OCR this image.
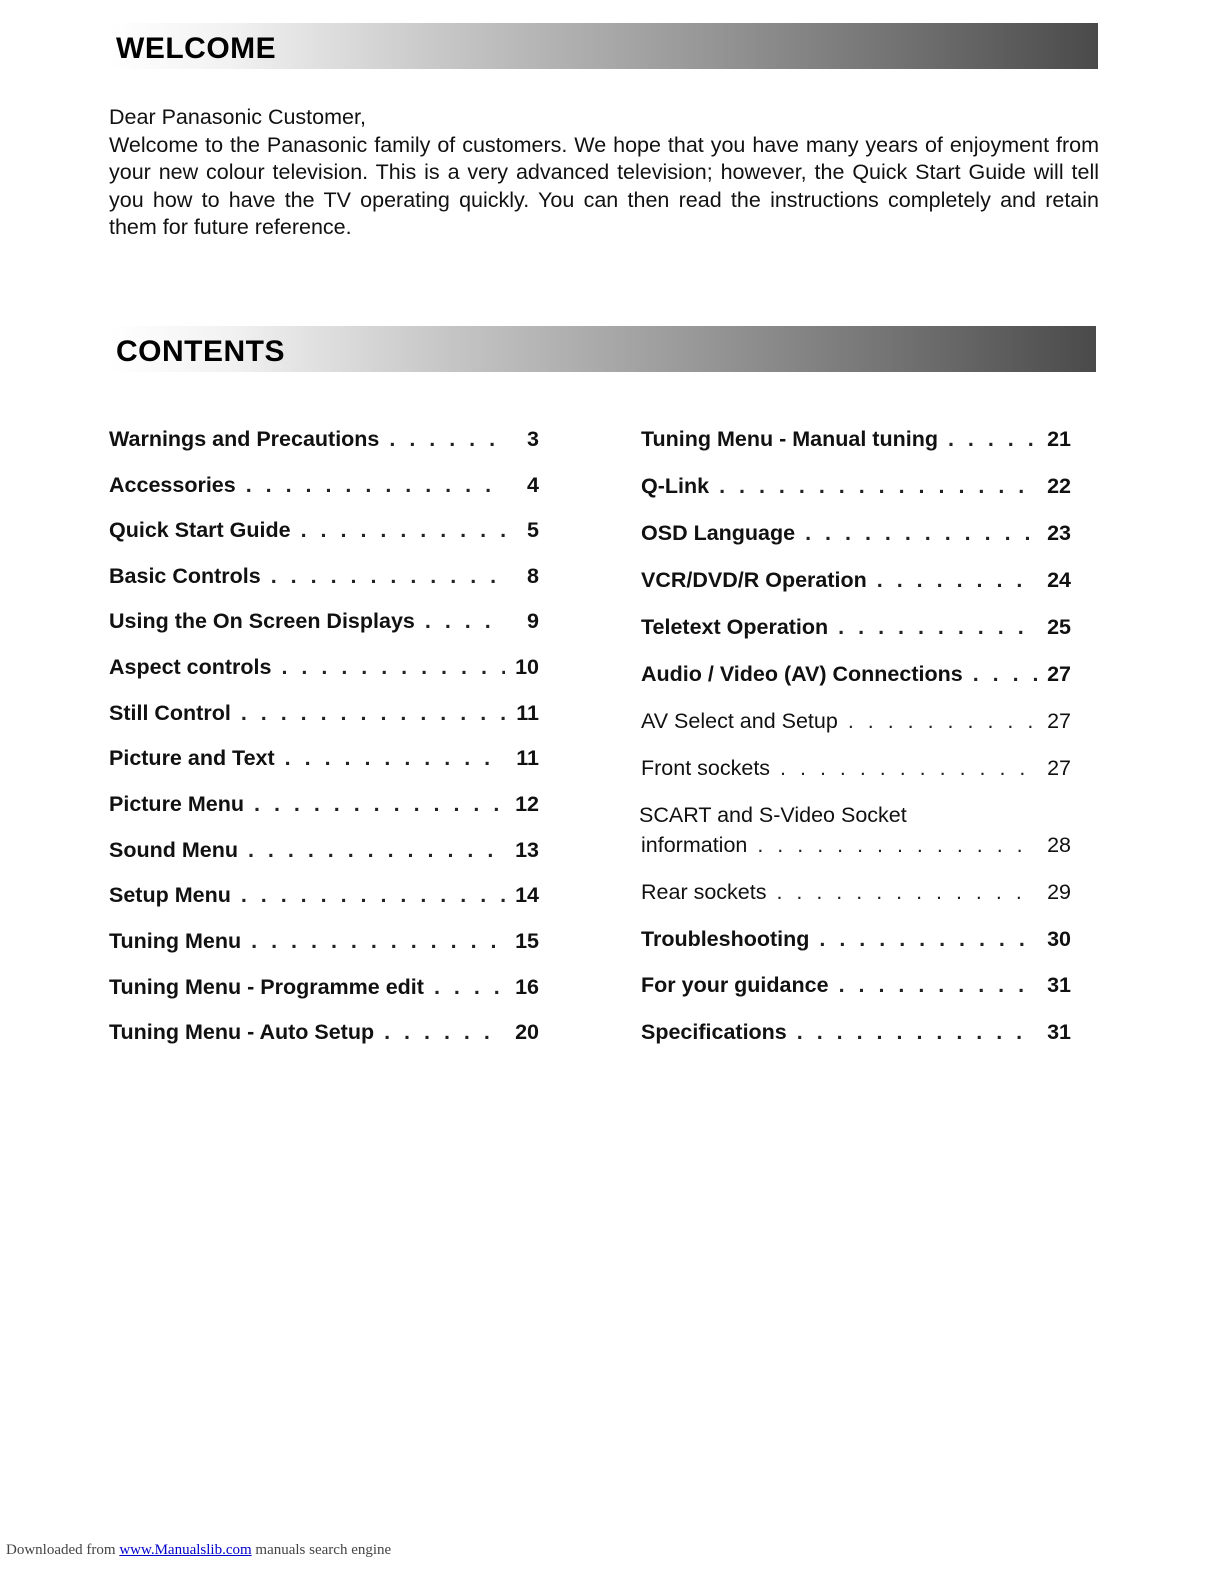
WELCOME

Dear Panasonic Customer,

Welcome to the Panasonic family of customers. We hope that you have many years of enjoyment from your new colour television. This is a very advanced television; however, the Quick Start Guide will tell you how to have the TV operating quickly. You can then read the instructions completely and retain them for future reference.

CONTENTS
Warnings and Precautions . . .	3
Accessories . . .	4
Quick Start Guide . . .	5
Basic Controls . . .	8
Using the On Screen Displays . . .	9
Aspect controls . . .	10
Still Control . . .	11
Picture and Text . . .	11
Picture Menu . . .	12
Sound Menu . . .	13
Setup Menu . . .	14
Tuning Menu . . .	15
Tuning Menu - Programme edit . . .	16
Tuning Menu - Auto Setup . . .	20
Tuning Menu - Manual tuning . . .	21
Q-Link . . .	22
OSD Language . . .	23
VCR/DVD/R Operation . . .	24
Teletext Operation . . .	25
Audio / Video (AV) Connections . . .	27
AV Select and Setup . . .	27
Front sockets . . .	27
SCART and S-Video Socket
information . . .	28
Rear sockets . . .	29
Troubleshooting . . .	30
For your guidance . . .	31
Specifications . . .	31
Downloaded from www.Manualslib.com manuals search engine
